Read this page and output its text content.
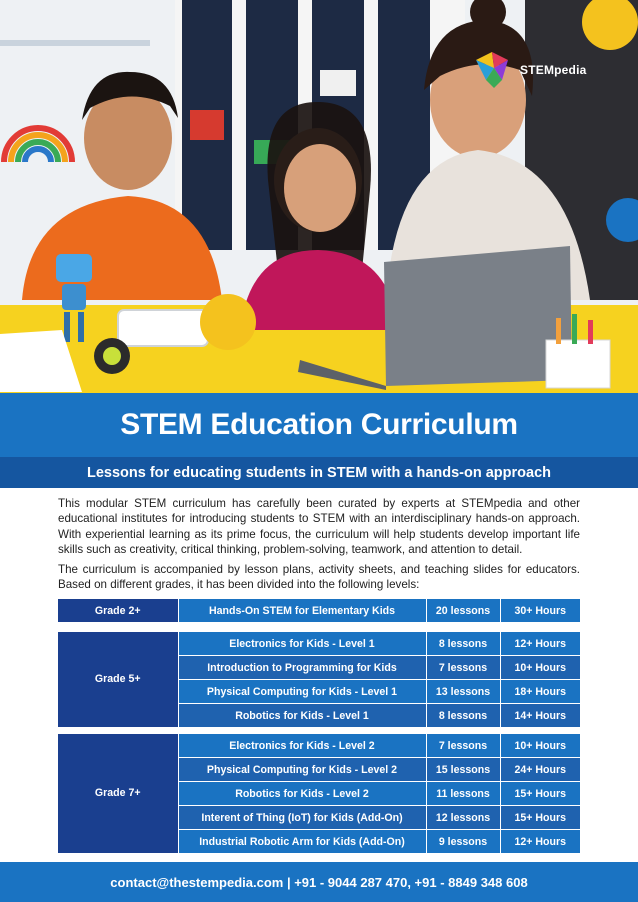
STEMpedia
STEM Education Curriculum
Lessons for educating students in STEM with a hands-on approach

This modular STEM curriculum has carefully been curated by experts at STEMpedia and other educational institutes for introducing students to STEM with an interdisciplinary hands-on approach. With experiential learning as its prime focus, the curriculum will help students develop important life skills such as creativity, critical thinking, problem-solving, teamwork, and attention to detail.

The curriculum is accompanied by lesson plans, activity sheets, and teaching slides for educators. Based on different grades, it has been divided into the following levels:

Grade 2+	Hands-On STEM for Elementary Kids	20 lessons	30+ Hours
Grade 5+	Electronics for Kids - Level 1	8 lessons	12+ Hours
	Introduction to Programming for Kids	7 lessons	10+ Hours
	Physical Computing for Kids - Level 1	13 lessons	18+ Hours
	Robotics for Kids - Level 1	8 lessons	14+ Hours
Grade 7+	Electronics for Kids - Level 2	7 lessons	10+ Hours
	Physical Computing for Kids - Level 2	15 lessons	24+ Hours
	Robotics for Kids - Level 2	11 lessons	15+ Hours
	Interent of Thing (IoT) for Kids (Add-On)	12 lessons	15+ Hours
	Industrial Robotic Arm for Kids (Add-On)	9 lessons	12+ Hours
contact@thestempedia.com | +91 - 9044 287 470, +91 - 8849 348 608
